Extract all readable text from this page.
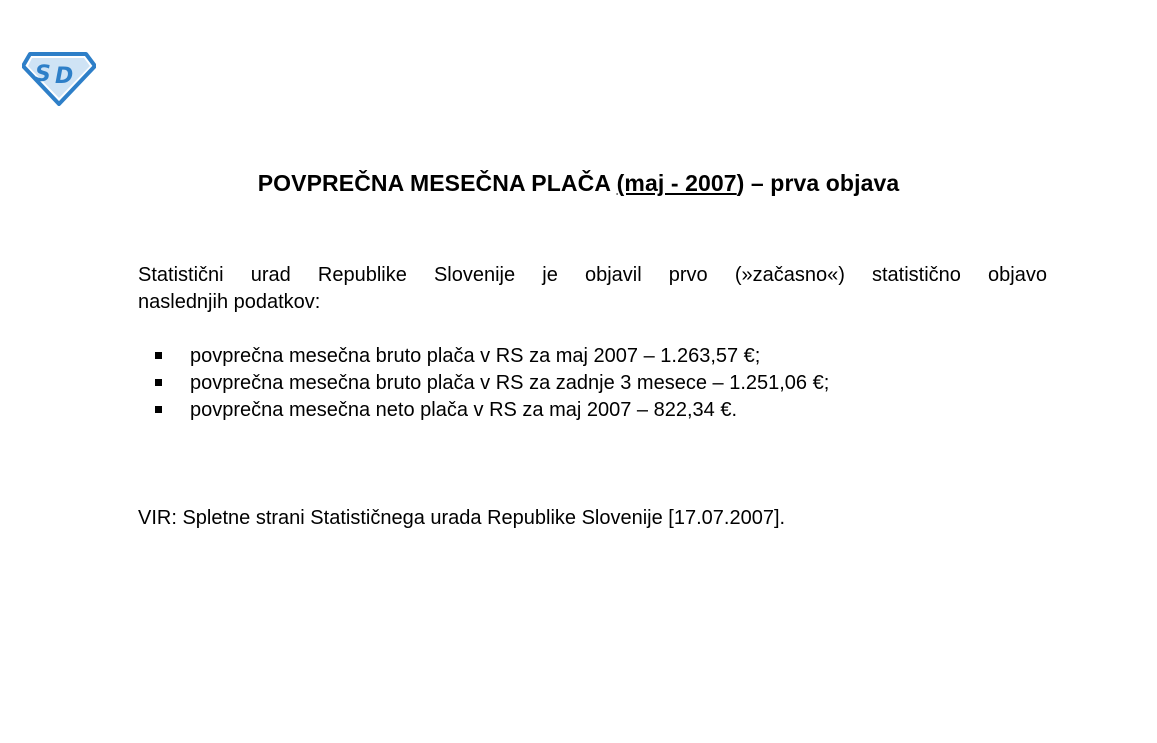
S D
POVPREČNA MESEČNA PLAČA (maj - 2007) – prva objava
Statistični urad Republike Slovenije je objavil prvo (»začasno«) statistično objavo
naslednjih podatkov:
povprečna mesečna bruto plača v RS za maj 2007 – 1.263,57 €;
povprečna mesečna bruto plača v RS za zadnje 3 mesece – 1.251,06 €;
povprečna mesečna neto plača v RS za maj 2007 – 822,34 €.
VIR: Spletne strani Statističnega urada Republike Slovenije [17.07.2007].
